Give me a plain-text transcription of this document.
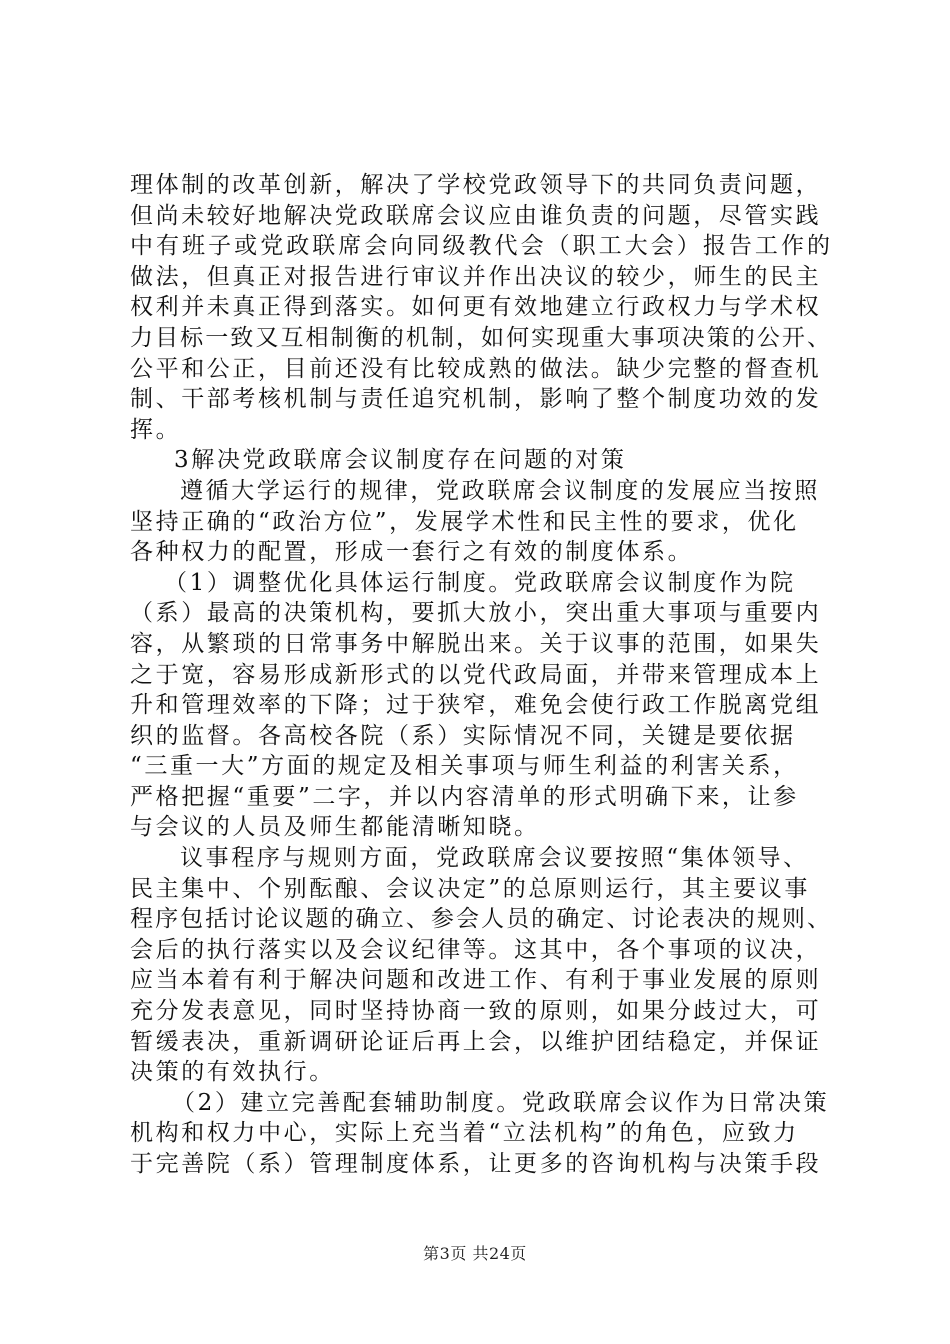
理体制的改革创新，解决了学校党政领导下的共同负责问题，
但尚未较好地解决党政联席会议应由谁负责的问题，尽管实践
中有班子或党政联席会向同级教代会（职工大会）报告工作的
做法，但真正对报告进行审议并作出决议的较少，师生的民主
权利并未真正得到落实。如何更有效地建立行政权力与学术权
力目标一致又互相制衡的机制，如何实现重大事项决策的公开、
公平和公正，目前还没有比较成熟的做法。缺少完整的督查机
制、干部考核机制与责任追究机制，影响了整个制度功效的发
挥。
3解决党政联席会议制度存在问题的对策
遵循大学运行的规律，党政联席会议制度的发展应当按照
坚持正确的“政治方位”，发展学术性和民主性的要求，优化
各种权力的配置，形成一套行之有效的制度体系。
（1）调整优化具体运行制度。党政联席会议制度作为院
（系）最高的决策机构，要抓大放小，突出重大事项与重要内
容，从繁琐的日常事务中解脱出来。关于议事的范围，如果失
之于宽，容易形成新形式的以党代政局面，并带来管理成本上
升和管理效率的下降；过于狭窄，难免会使行政工作脱离党组
织的监督。各高校各院（系）实际情况不同，关键是要依据
“三重一大”方面的规定及相关事项与师生利益的利害关系，
严格把握“重要”二字，并以内容清单的形式明确下来，让参
与会议的人员及师生都能清晰知晓。
议事程序与规则方面，党政联席会议要按照“集体领导、
民主集中、个别酝酿、会议决定”的总原则运行，其主要议事
程序包括讨论议题的确立、参会人员的确定、讨论表决的规则、
会后的执行落实以及会议纪律等。这其中，各个事项的议决，
应当本着有利于解决问题和改进工作、有利于事业发展的原则
充分发表意见，同时坚持协商一致的原则，如果分歧过大，可
暂缓表决，重新调研论证后再上会，以维护团结稳定，并保证
决策的有效执行。
（2）建立完善配套辅助制度。党政联席会议作为日常决策
机构和权力中心，实际上充当着“立法机构”的角色，应致力
于完善院（系）管理制度体系，让更多的咨询机构与决策手段
第3页 共24页
